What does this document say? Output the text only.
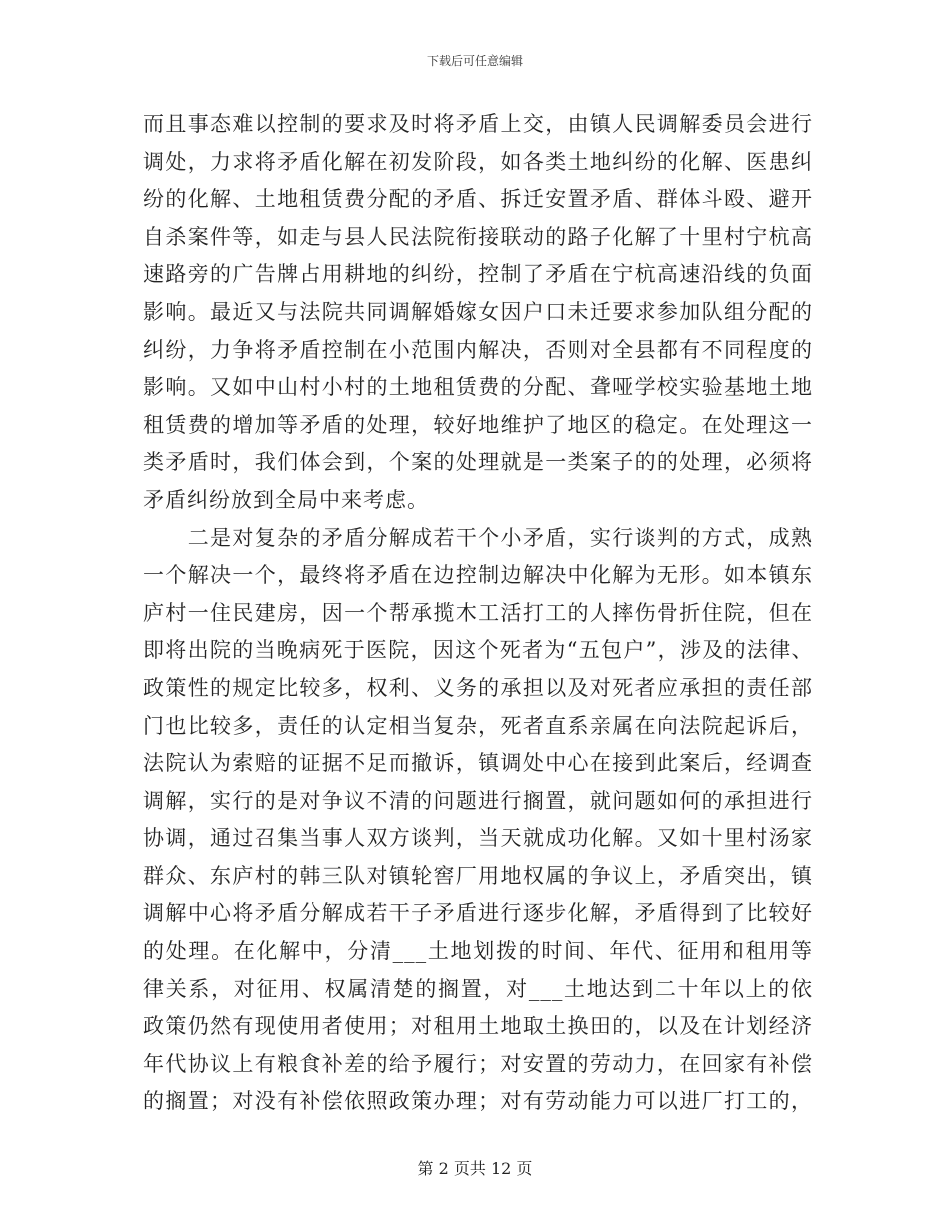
下载后可任意编辑
而且事态难以控制的要求及时将矛盾上交，由镇人民调解委员会进行
调处，力求将矛盾化解在初发阶段，如各类土地纠纷的化解、医患纠
纷的化解、土地租赁费分配的矛盾、拆迁安置矛盾、群体斗殴、避开
自杀案件等，如走与县人民法院衔接联动的路子化解了十里村宁杭高
速路旁的广告牌占用耕地的纠纷，控制了矛盾在宁杭高速沿线的负面
影响。最近又与法院共同调解婚嫁女因户口未迁要求参加队组分配的
纠纷，力争将矛盾控制在小范围内解决，否则对全县都有不同程度的
影响。又如中山村小村的土地租赁费的分配、聋哑学校实验基地土地
租赁费的增加等矛盾的处理，较好地维护了地区的稳定。在处理这一
类矛盾时，我们体会到，个案的处理就是一类案子的的处理，必须将
矛盾纠纷放到全局中来考虑。
　　二是对复杂的矛盾分解成若干个小矛盾，实行谈判的方式，成熟
一个解决一个，最终将矛盾在边控制边解决中化解为无形。如本镇东
庐村一住民建房，因一个帮承揽木工活打工的人摔伤骨折住院，但在
即将出院的当晚病死于医院，因这个死者为“五包户”，涉及的法律、
政策性的规定比较多，权利、义务的承担以及对死者应承担的责任部
门也比较多，责任的认定相当复杂，死者直系亲属在向法院起诉后，
法院认为索赔的证据不足而撤诉，镇调处中心在接到此案后，经调查
调解，实行的是对争议不清的问题进行搁置，就问题如何的承担进行
协调，通过召集当事人双方谈判，当天就成功化解。又如十里村汤家
群众、东庐村的韩三队对镇轮窖厂用地权属的争议上，矛盾突出，镇
调解中心将矛盾分解成若干子矛盾进行逐步化解，矛盾得到了比较好
的处理。在化解中，分清___土地划拨的时间、年代、征用和租用等
律关系，对征用、权属清楚的搁置，对___土地达到二十年以上的依
政策仍然有现使用者使用；对租用土地取土换田的，以及在计划经济
年代协议上有粮食补差的给予履行；对安置的劳动力，在回家有补偿
的搁置；对没有补偿依照政策办理；对有劳动能力可以进厂打工的，
第 2 页共 12 页
